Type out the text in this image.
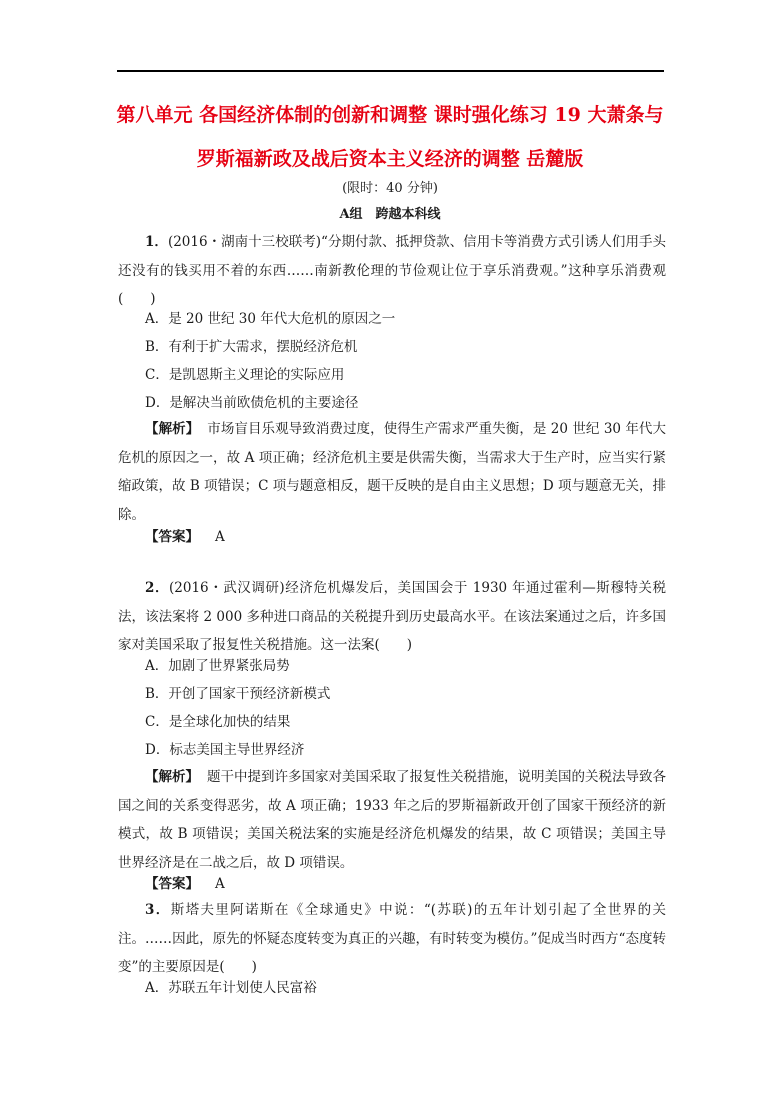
第八单元 各国经济体制的创新和调整 课时强化练习 19 大萧条与
罗斯福新政及战后资本主义经济的调整 岳麓版
(限时：40 分钟)
A组　跨越本科线

1．(2016・湖南十三校联考)“分期付款、抵押贷款、信用卡等消费方式引诱人们用手头还没有的钱买用不着的东西……南新教伦理的节俭观让位于享乐消费观。”这种享乐消费观(　　)

A．是 20 世纪 30 年代大危机的原因之一

B．有利于扩大需求，摆脱经济危机

C．是凯恩斯主义理论的实际应用

D．是解决当前欧债危机的主要途径

【解析】 市场盲目乐观导致消费过度，使得生产需求严重失衡，是 20 世纪 30 年代大危机的原因之一，故 A 项正确；经济危机主要是供需失衡，当需求大于生产时，应当实行紧缩政策，故 B 项错误；C 项与题意相反，题干反映的是自由主义思想；D 项与题意无关，排除。

【答案】 A

2．(2016・武汉调研)经济危机爆发后，美国国会于 1930 年通过霍利—斯穆特关税法，该法案将 2 000 多种进口商品的关税提升到历史最高水平。在该法案通过之后，许多国家对美国采取了报复性关税措施。这一法案(　　)

A．加剧了世界紧张局势

B．开创了国家干预经济新模式

C．是全球化加快的结果

D．标志美国主导世界经济

【解析】 题干中提到许多国家对美国采取了报复性关税措施，说明美国的关税法导致各国之间的关系变得恶劣，故 A 项正确；1933 年之后的罗斯福新政开创了国家干预经济的新模式，故 B 项错误；美国关税法案的实施是经济危机爆发的结果，故 C 项错误；美国主导世界经济是在二战之后，故 D 项错误。

【答案】 A

3．斯塔夫里阿诺斯在《全球通史》中说：“(苏联)的五年计划引起了全世界的关注。……因此，原先的怀疑态度转变为真正的兴趣，有时转变为模仿。”促成当时西方“态度转变”的主要原因是(　　)

A．苏联五年计划使人民富裕
